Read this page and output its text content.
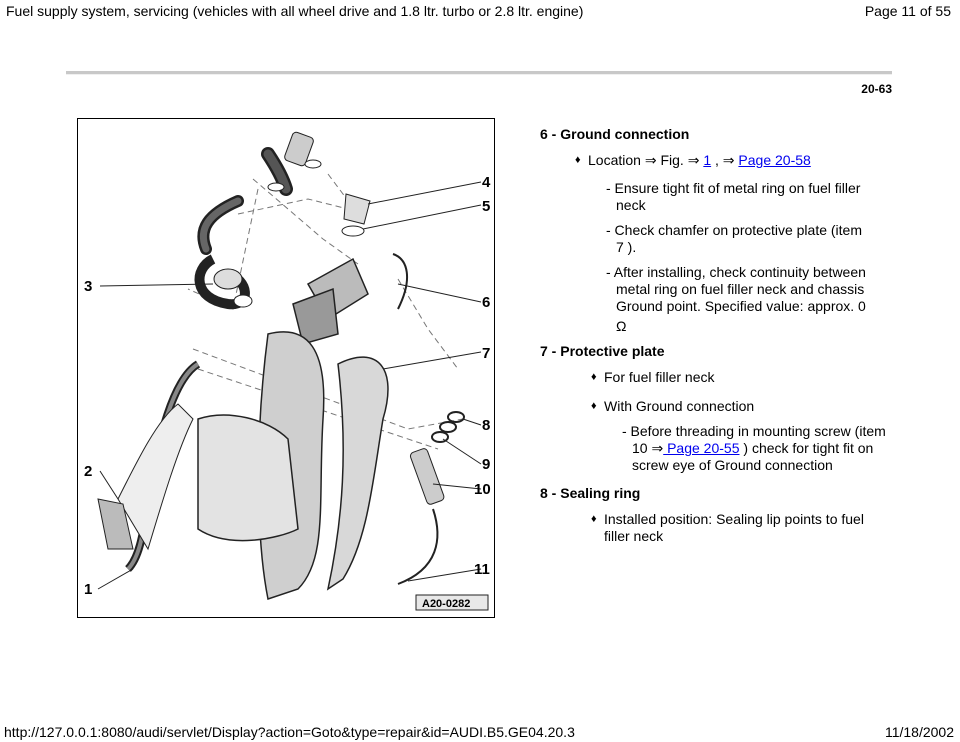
Fuel supply system, servicing (vehicles with all wheel drive and 1.8 ltr. turbo or 2.8 ltr. engine)	Page 11 of 55
20-63
1
2
3
4
5
6
7
8
9
10
11
A20-0282
6 - Ground connection
♦ Location ⇒ Fig. ⇒ 1 , ⇒ Page 20-58
- Ensure tight fit of metal ring on fuel filler
neck
- Check chamfer on protective plate (item
7 ).
- After installing, check continuity between
metal ring on fuel filler neck and chassis
Ground point. Specified value: approx. 0
Ω
7 - Protective plate
♦ For fuel filler neck
♦ With Ground connection
- Before threading in mounting screw (item
10 ⇒ Page 20-55 ) check for tight fit on
screw eye of Ground connection
8 - Sealing ring
♦ Installed position: Sealing lip points to fuel
filler neck
http://127.0.0.1:8080/audi/servlet/Display?action=Goto&type=repair&id=AUDI.B5.GE04.20.3	11/18/2002
